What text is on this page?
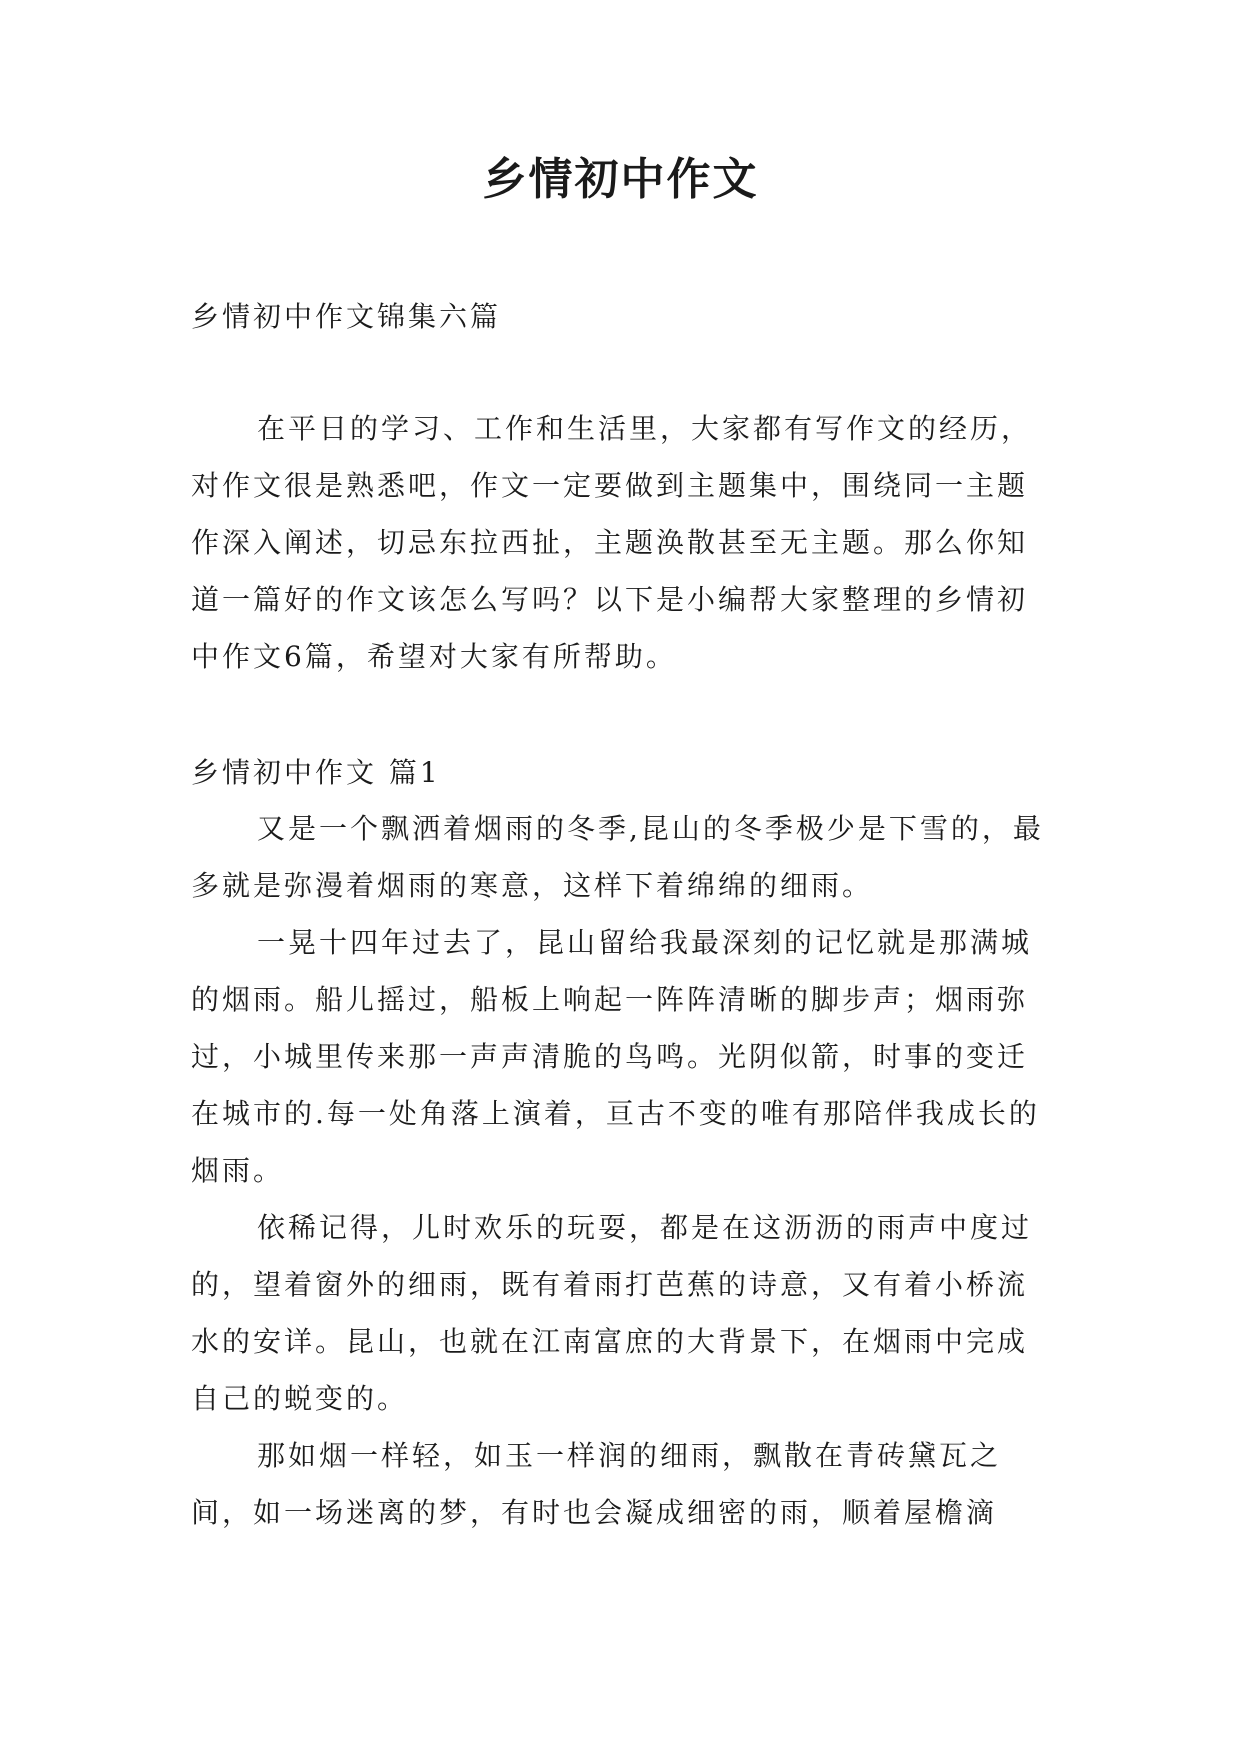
乡情初中作文
乡情初中作文锦集六篇

在平日的学习、工作和生活里，大家都有写作文的经历，对作文很是熟悉吧，作文一定要做到主题集中，围绕同一主题作深入阐述，切忌东拉西扯，主题涣散甚至无主题。那么你知道一篇好的作文该怎么写吗？以下是小编帮大家整理的乡情初中作文6篇，希望对大家有所帮助。

乡情初中作文 篇1

又是一个飘洒着烟雨的冬季,昆山的冬季极少是下雪的，最多就是弥漫着烟雨的寒意，这样下着绵绵的细雨。

一晃十四年过去了，昆山留给我最深刻的记忆就是那满城的烟雨。船儿摇过，船板上响起一阵阵清晰的脚步声；烟雨弥过，小城里传来那一声声清脆的鸟鸣。光阴似箭，时事的变迁在城市的.每一处角落上演着，亘古不变的唯有那陪伴我成长的烟雨。

依稀记得，儿时欢乐的玩耍，都是在这沥沥的雨声中度过的，望着窗外的细雨，既有着雨打芭蕉的诗意，又有着小桥流水的安详。昆山，也就在江南富庶的大背景下，在烟雨中完成自己的蜕变的。

那如烟一样轻，如玉一样润的细雨，飘散在青砖黛瓦之间，如一场迷离的梦，有时也会凝成细密的雨，顺着屋檐滴
